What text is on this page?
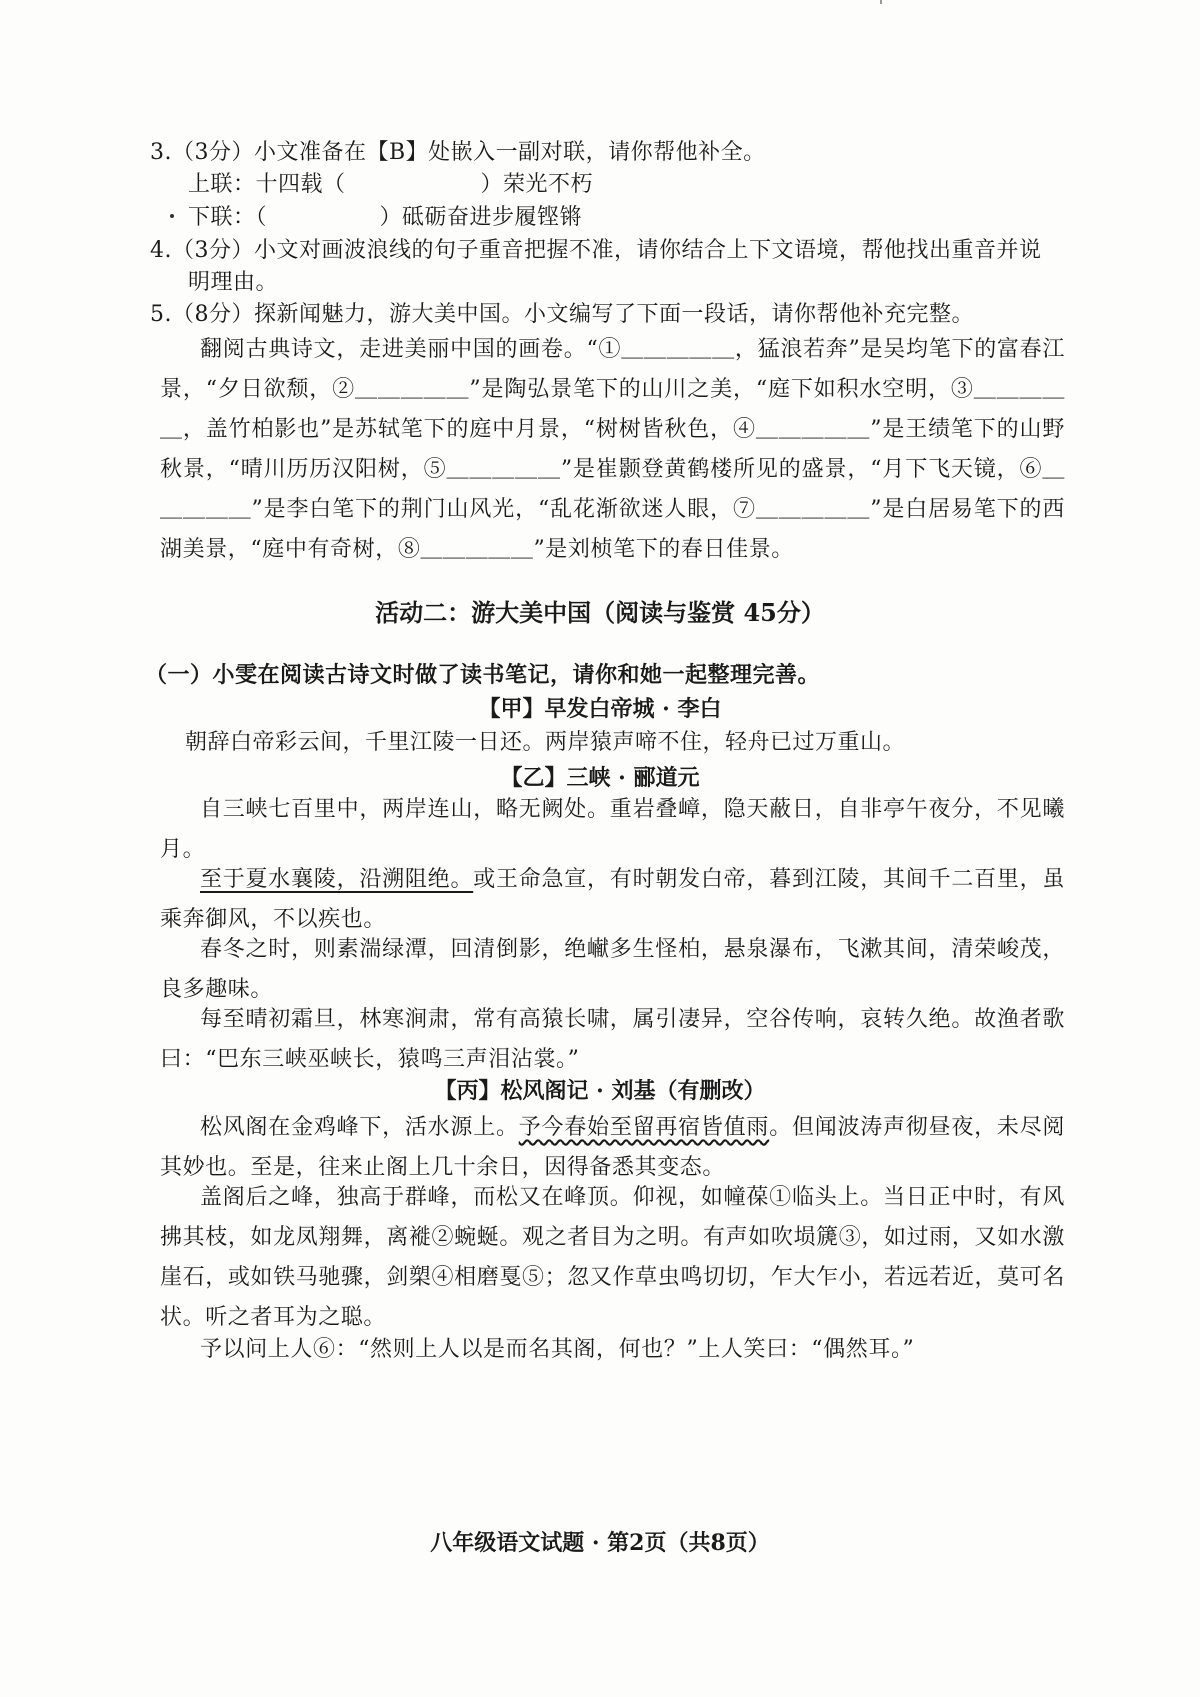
3.（3分）小文准备在【B】处嵌入一副对联，请你帮他补全。
上联：十四载（　　　　　　）荣光不朽
下联：（　　　　　）砥砺奋进步履铿锵
4.（3分）小文对画波浪线的句子重音把握不准，请你结合上下文语境，帮他找出重音并说
明理由。
5.（8分）探新闻魅力，游大美中国。小文编写了下面一段话，请你帮他补充完整。
翻阅古典诗文，走进美丽中国的画卷。“①＿＿＿＿＿，猛浪若奔”是吴均笔下的富春江景，“夕日欲颓，②＿＿＿＿＿”是陶弘景笔下的山川之美，“庭下如积水空明，③＿＿＿＿＿，盖竹柏影也”是苏轼笔下的庭中月景，“树树皆秋色，④＿＿＿＿＿”是王绩笔下的山野秋景，“晴川历历汉阳树，⑤＿＿＿＿＿”是崔颢登黄鹤楼所见的盛景，“月下飞天镜，⑥＿＿＿＿＿”是李白笔下的荆门山风光，“乱花渐欲迷人眼，⑦＿＿＿＿＿”是白居易笔下的西湖美景，“庭中有奇树，⑧＿＿＿＿＿”是刘桢笔下的春日佳景。
活动二：游大美中国（阅读与鉴赏 45分）
（一）小雯在阅读古诗文时做了读书笔记，请你和她一起整理完善。
【甲】早发白帝城 · 李白
朝辞白帝彩云间，千里江陵一日还。两岸猿声啼不住，轻舟已过万重山。
【乙】三峡 · 郦道元
自三峡七百里中，两岸连山，略无阙处。重岩叠嶂，隐天蔽日，自非亭午夜分，不见曦月。
至于夏水襄陵，沿溯阻绝。或王命急宣，有时朝发白帝，暮到江陵，其间千二百里，虽乘奔御风，不以疾也。
春冬之时，则素湍绿潭，回清倒影，绝𪩘多生怪柏，悬泉瀑布，飞漱其间，清荣峻茂，良多趣味。
每至晴初霜旦，林寒涧肃，常有高猿长啸，属引凄异，空谷传响，哀转久绝。故渔者歌曰：“巴东三峡巫峡长，猿鸣三声泪沾裳。”
【丙】松风阁记 · 刘基（有删改）
松风阁在金鸡峰下，活水源上。予今春始至留再宿皆值雨。但闻波涛声彻昼夜，未尽阅其妙也。至是，往来止阁上几十余日，因得备悉其变态。
盖阁后之峰，独高于群峰，而松又在峰顶。仰视，如幢葆①临头上。当日正中时，有风拂其枝，如龙凤翔舞，离褷②蜿蜒。观之者目为之明。有声如吹埙篪③，如过雨，又如水激崖石，或如铁马驰骤，剑槊④相磨戛⑤；忽又作草虫鸣切切，乍大乍小，若远若近，莫可名状。听之者耳为之聪。
予以问上人⑥：“然则上人以是而名其阁，何也？”上人笑曰：“偶然耳。”
八年级语文试题 · 第2页（共8页）
